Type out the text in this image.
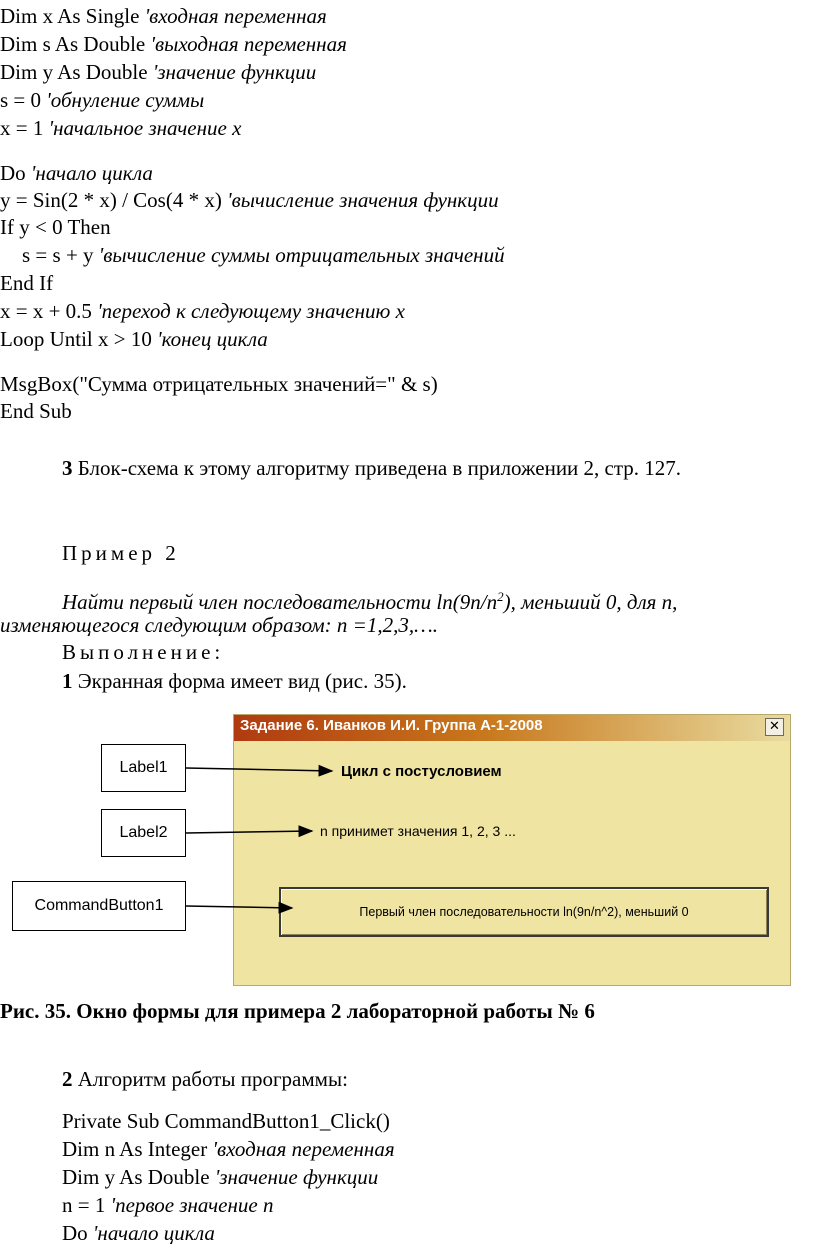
Dim x As Single 'входная переменная
Dim s As Double 'выходная переменная
Dim y As Double 'значение функции
s = 0 'обнуление суммы
x = 1 'начальное значение x
Do 'начало цикла
y = Sin(2 * x) / Cos(4 * x) 'вычисление значения функции
If y < 0 Then
s = s + y 'вычисление суммы отрицательных значений
End If
x = x + 0.5 'переход к следующему значению x
Loop Until x > 10 'конец цикла
MsgBox("Сумма отрицательных значений=" & s)
End Sub
3 Блок-схема к этому алгоритму приведена в приложении 2, стр. 127.
Пример 2
Найти первый член последовательности $\ln(9n/n^2)$, меньший 0, для n,
изменяющегося следующим образом: n =1,2,3,….
Выполнение:
1 Экранная форма имеет вид (рис. 35).
Задание 6. Иванков И.И. Группа А-1-2008	✕
Цикл с постусловием
n принимет значения 1, 2, 3 ...
Первый член последовательности ln(9n/n^2), меньший 0
Label1
Label2
CommandButton1
Рис. 35. Окно формы для примера 2 лабораторной работы № 6
2 Алгоритм работы программы:
Private Sub CommandButton1_Click()
Dim n As Integer 'входная переменная
Dim y As Double 'значение функции
n = 1 'первое значение n
Do 'начало цикла
